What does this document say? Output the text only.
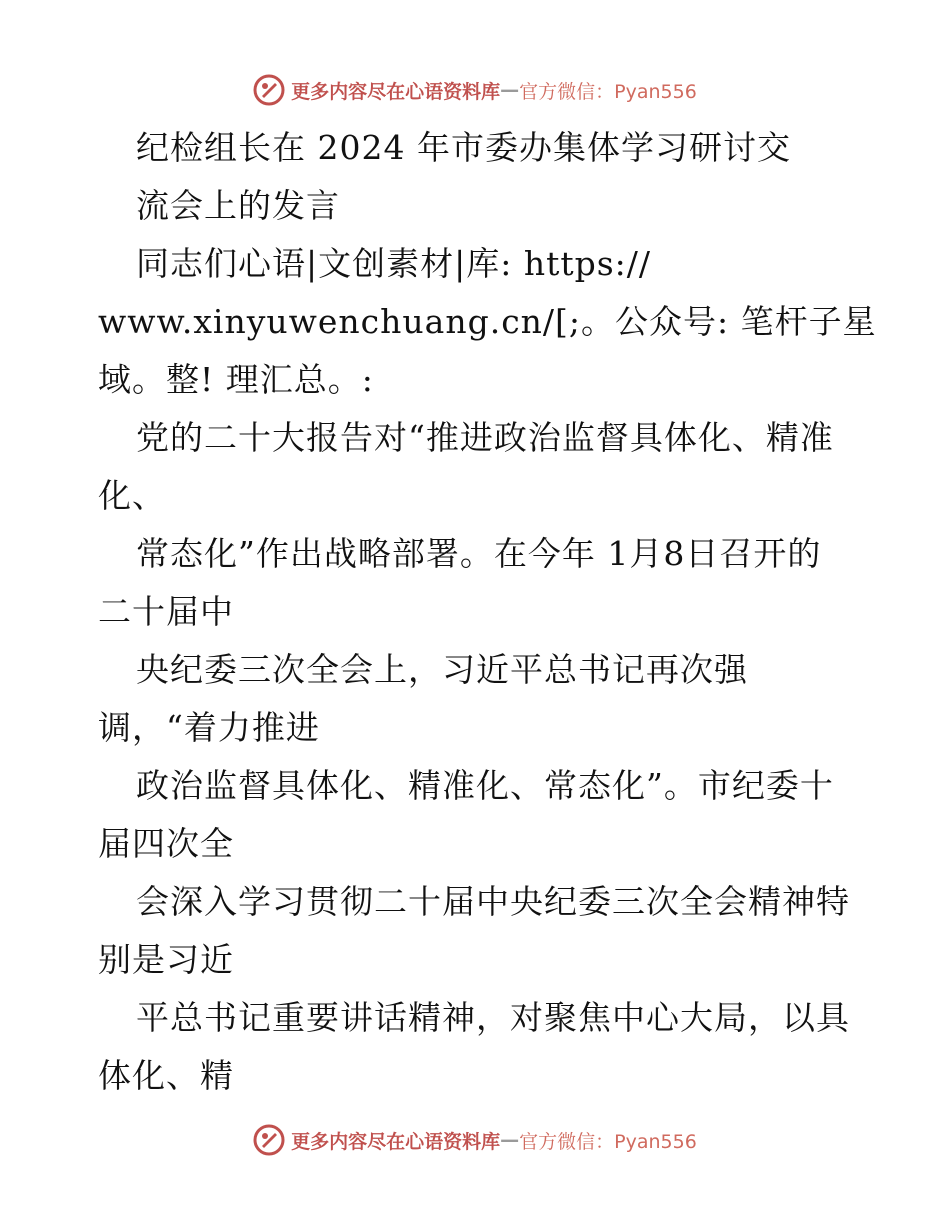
更多内容尽在心语资料库 — 官方微信：Pyan556
纪检组长在 2024 年市委办集体学习研讨交
流会上的发言
同志们心语|文创素材|库: https://
www.xinyuwenchuang.cn/[;。公众号: 笔杆子星
域。整! 理汇总。:
党的二十大报告对“推进政治监督具体化、精准
化、
常态化”作出战略部署。在今年 1月8日召开的
二十届中
央纪委三次全会上，习近平总书记再次强
调，“着力推进
政治监督具体化、精准化、常态化”。市纪委十
届四次全
会深入学习贯彻二十届中央纪委三次全会精神特
别是习近
平总书记重要讲话精神，对聚焦中心大局，以具
体化、精
更多内容尽在心语资料库 — 官方微信：Pyan556
